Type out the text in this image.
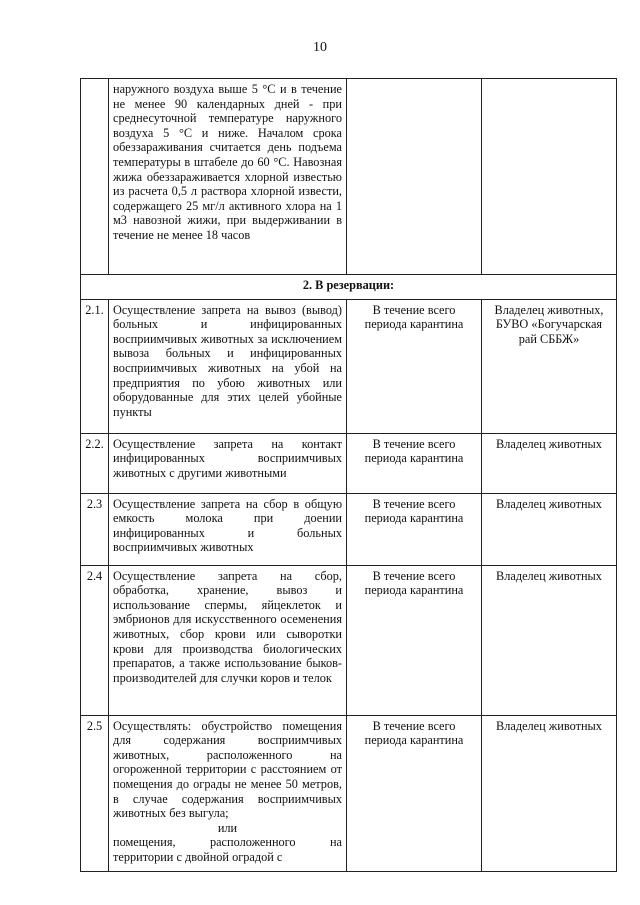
10
	наружного воздуха выше 5 °С и в течение не менее 90 календарных дней - при среднесуточной температуре наружного воздуха 5 °С и ниже. Началом срока обеззараживания считается день подъема температуры в штабеле до 60 °С. Навозная жижа обеззараживается хлорной известью из расчета 0,5 л раствора хлорной извести, содержащего 25 мг/л активного хлора на 1 м3 навозной жижи, при выдерживании в течение не менее 18 часов		
2. В резервации:			
2.1.	Осуществление запрета на вывоз (вывод) больных и инфицированных восприимчивых животных за исключением вывоза больных и инфицированных восприимчивых животных на убой на предприятия по убою животных или оборудованные для этих целей убойные пункты	В течение всего периода карантина	Владелец животных, БУВО «Богучарская рай СББЖ»
2.2.	Осуществление запрета на контакт инфицированных восприимчивых животных с другими животными	В течение всего периода карантина	Владелец животных
2.3	Осуществление запрета на сбор в общую емкость молока при доении инфицированных и больных восприимчивых животных	В течение всего периода карантина	Владелец животных
2.4	Осуществление запрета на сбор, обработка, хранение, вывоз и использование спермы, яйцеклеток и эмбрионов для искусственного осеменения животных, сбор крови или сыворотки крови для производства биологических препаратов, а также использование быков-производителей для случки коров и телок	В течение всего периода карантина	Владелец животных
2.5	Осуществлять: обустройство помещения для содержания восприимчивых животных, расположенного на огороженной территории с расстоянием от помещения до ограды не менее 50 метров, в случае содержания восприимчивых животных без выгула;
или
помещения, расположенного на территории с двойной оградой с	В течение всего периода карантина	Владелец животных
